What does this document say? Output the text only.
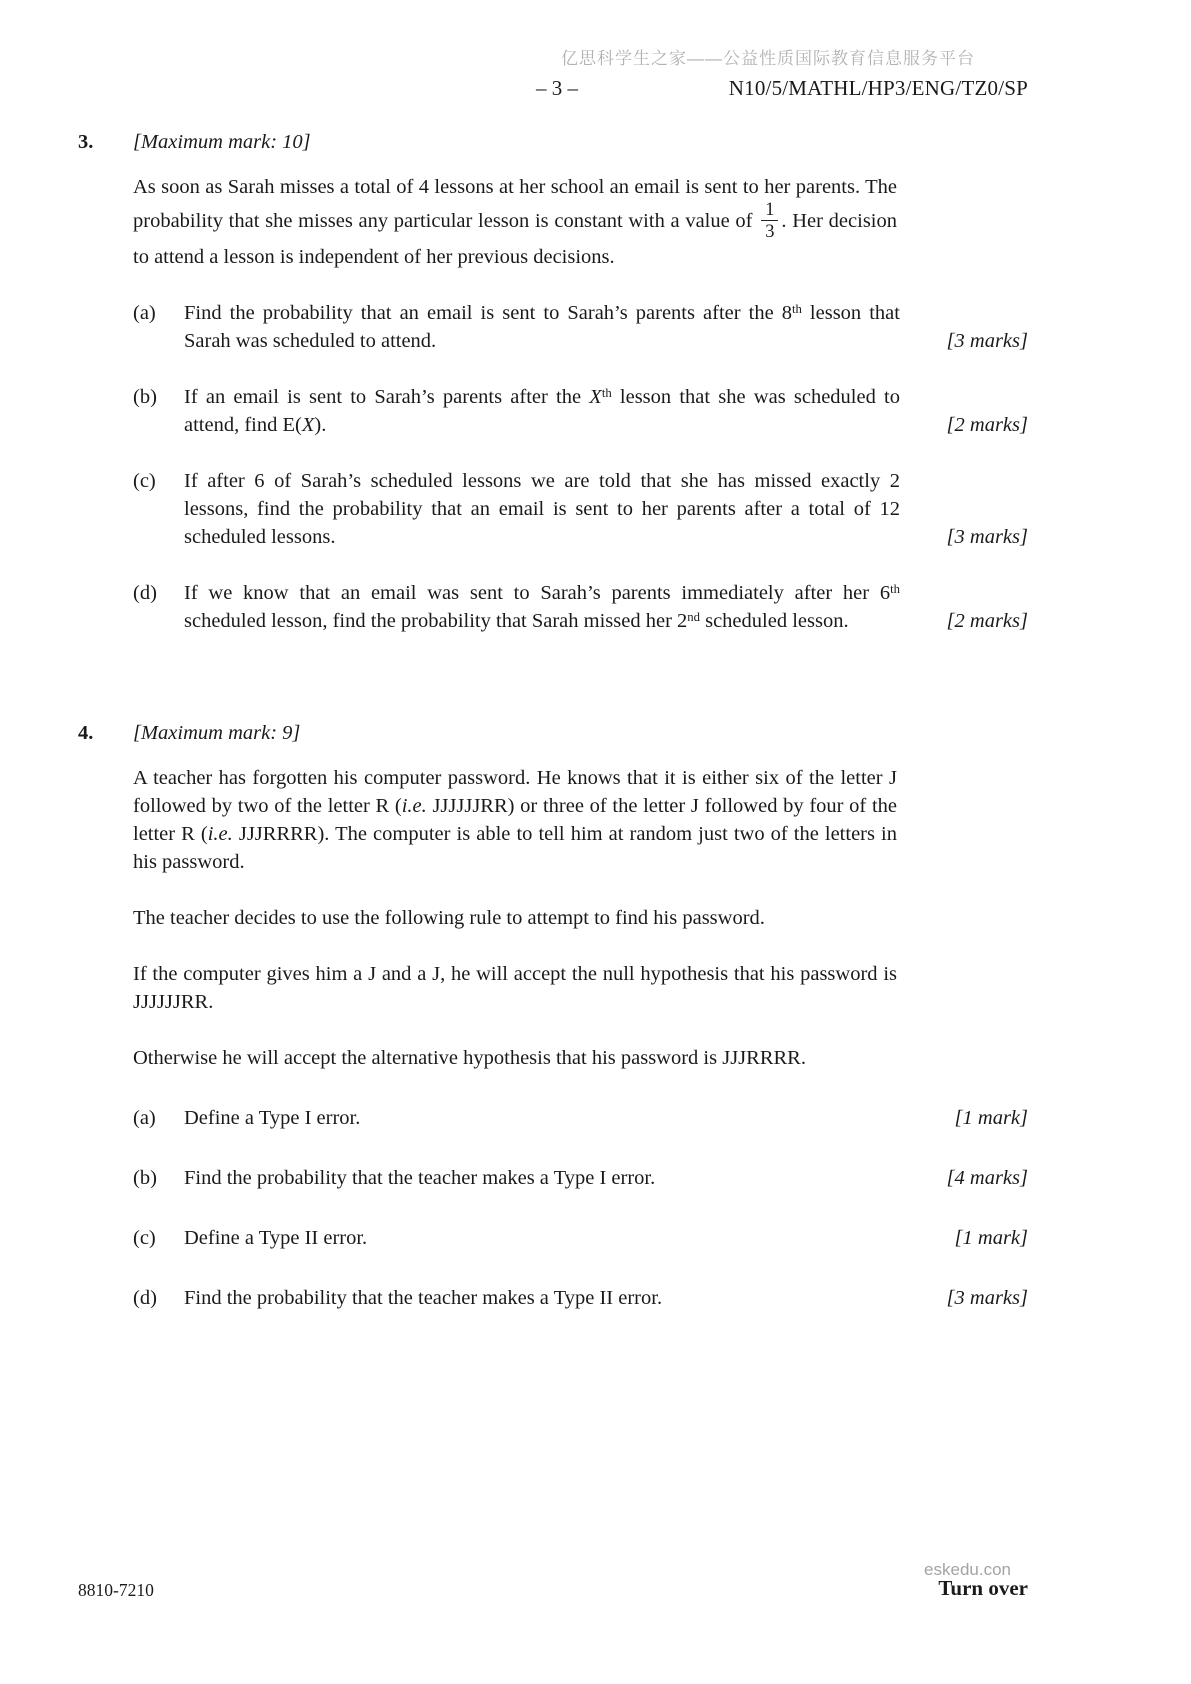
亿思科学生之家——公益性质国际教育信息服务平台
– 3 –	N10/5/MATHL/HP3/ENG/TZ0/SP
3.	[Maximum mark: 10]
As soon as Sarah misses a total of 4 lessons at her school an email is sent to her parents. The probability that she misses any particular lesson is constant with a value of $\frac{1}{3}$ . Her decision to attend a lesson is independent of her previous decisions.
(a)	Find the probability that an email is sent to Sarah’s parents after the 8th lesson that Sarah was scheduled to attend.	[3 marks]
(b)	If an email is sent to Sarah’s parents after the Xth lesson that she was scheduled to attend, find E(X).	[2 marks]
(c)	If after 6 of Sarah’s scheduled lessons we are told that she has missed exactly 2 lessons, find the probability that an email is sent to her parents after a total of 12 scheduled lessons.	[3 marks]
(d)	If we know that an email was sent to Sarah’s parents immediately after her 6th scheduled lesson, find the probability that Sarah missed her 2nd scheduled lesson.	[2 marks]
4.	[Maximum mark: 9]
A teacher has forgotten his computer password. He knows that it is either six of the letter J followed by two of the letter R (i.e. JJJJJJRR) or three of the letter J followed by four of the letter R (i.e. JJJRRRR). The computer is able to tell him at random just two of the letters in his password.
The teacher decides to use the following rule to attempt to find his password.
If the computer gives him a J and a J, he will accept the null hypothesis that his password is JJJJJJRR.
Otherwise he will accept the alternative hypothesis that his password is JJJRRRR.
(a)	Define a Type I error.	[1 mark]
(b)	Find the probability that the teacher makes a Type I error.	[4 marks]
(c)	Define a Type II error.	[1 mark]
(d)	Find the probability that the teacher makes a Type II error.	[3 marks]
8810-7210
eskedu.con
Turn over
